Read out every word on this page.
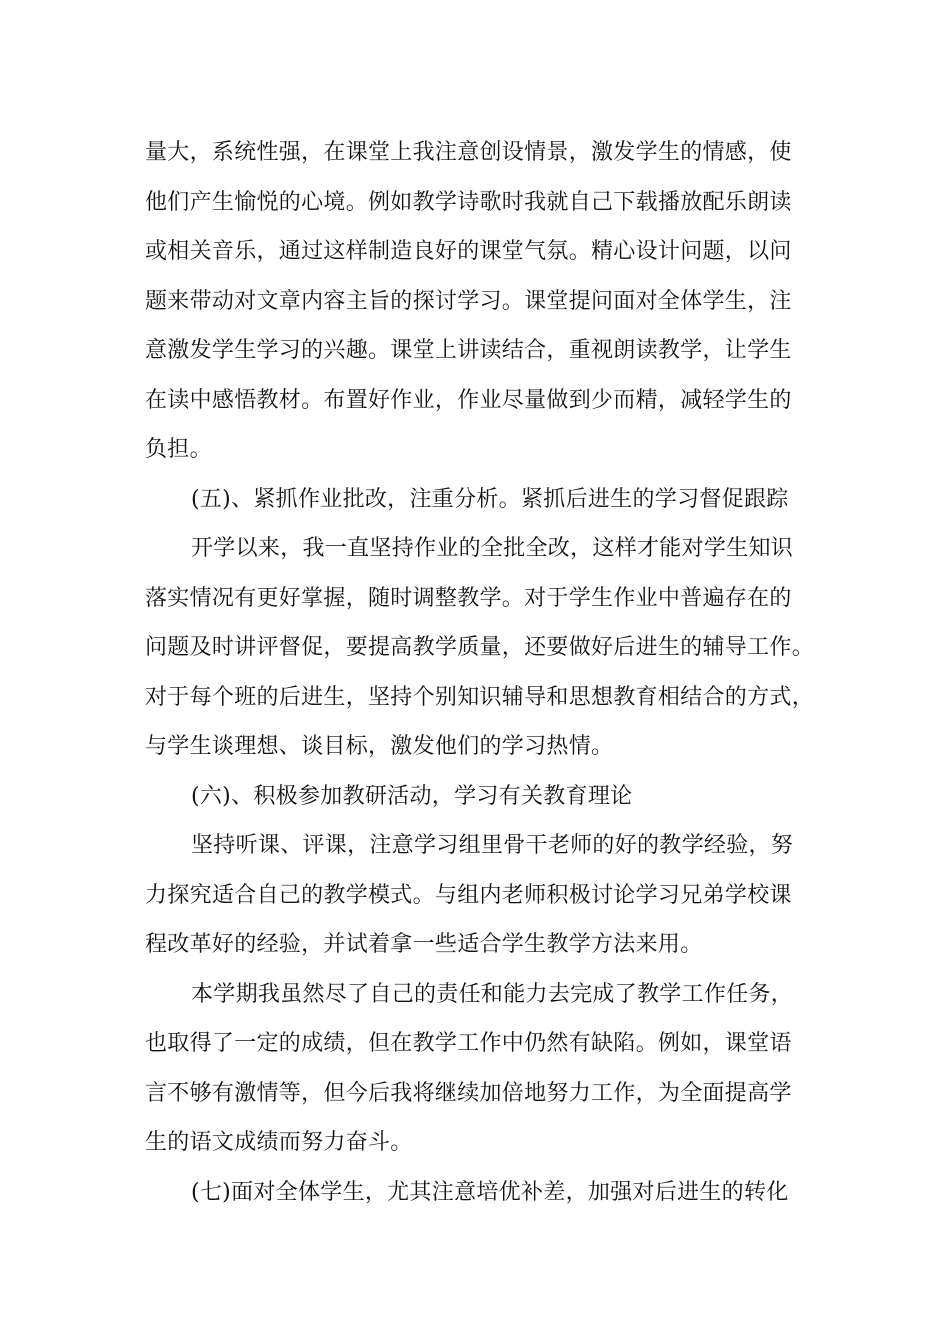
量大，系统性强，在课堂上我注意创设情景，激发学生的情感，使
他们产生愉悦的心境。例如教学诗歌时我就自己下载播放配乐朗读
或相关音乐，通过这样制造良好的课堂气氛。精心设计问题，以问
题来带动对文章内容主旨的探讨学习。课堂提问面对全体学生，注
意激发学生学习的兴趣。课堂上讲读结合，重视朗读教学，让学生
在读中感悟教材。布置好作业，作业尽量做到少而精，减轻学生的
负担。
(五)、紧抓作业批改，注重分析。紧抓后进生的学习督促跟踪
开学以来，我一直坚持作业的全批全改，这样才能对学生知识
落实情况有更好掌握，随时调整教学。对于学生作业中普遍存在的
问题及时讲评督促，要提高教学质量，还要做好后进生的辅导工作。
对于每个班的后进生，坚持个别知识辅导和思想教育相结合的方式，
与学生谈理想、谈目标，激发他们的学习热情。
(六)、积极参加教研活动，学习有关教育理论
坚持听课、评课，注意学习组里骨干老师的好的教学经验，努
力探究适合自己的教学模式。与组内老师积极讨论学习兄弟学校课
程改革好的经验，并试着拿一些适合学生教学方法来用。
本学期我虽然尽了自己的责任和能力去完成了教学工作任务，
也取得了一定的成绩，但在教学工作中仍然有缺陷。例如，课堂语
言不够有激情等，但今后我将继续加倍地努力工作，为全面提高学
生的语文成绩而努力奋斗。
(七)面对全体学生，尤其注意培优补差，加强对后进生的转化
